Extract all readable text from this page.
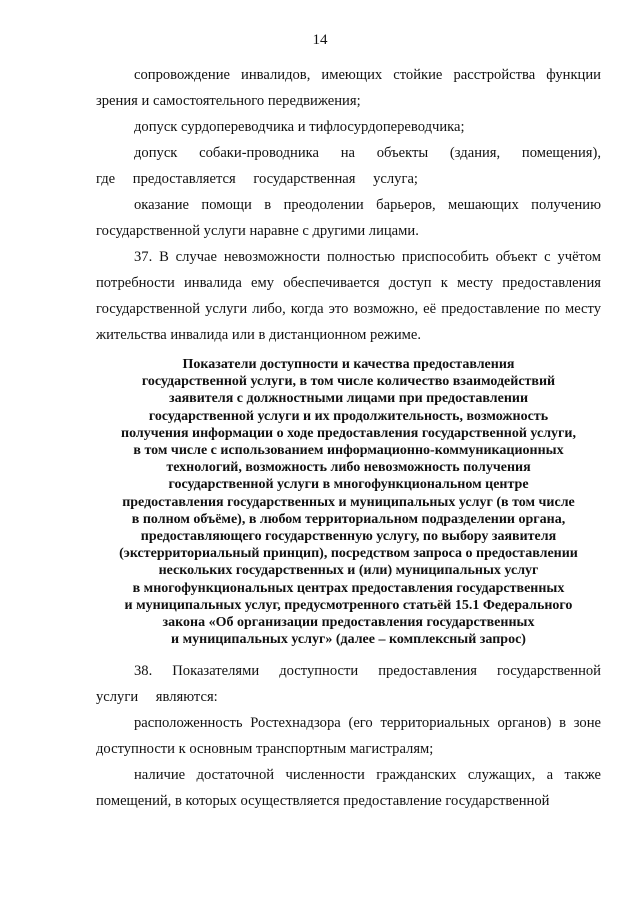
14

сопровождение инвалидов, имеющих стойкие расстройства функции зрения и самостоятельного передвижения;

допуск сурдопереводчика и тифлосурдопереводчика;

допуск собаки-проводника на объекты (здания, помещения), где предоставляется государственная услуга;

оказание помощи в преодолении барьеров, мешающих получению государственной услуги наравне с другими лицами.

37. В случае невозможности полностью приспособить объект с учётом потребности инвалида ему обеспечивается доступ к месту предоставления государственной услуги либо, когда это возможно, её предоставление по месту жительства инвалида или в дистанционном режиме.

Показатели доступности и качества предоставления
государственной услуги, в том числе количество взаимодействий
заявителя с должностными лицами при предоставлении
государственной услуги и их продолжительность, возможность
получения информации о ходе предоставления государственной услуги,
в том числе с использованием информационно-коммуникационных
технологий, возможность либо невозможность получения
государственной услуги в многофункциональном центре
предоставления государственных и муниципальных услуг (в том числе
в полном объёме), в любом территориальном подразделении органа,
предоставляющего государственную услугу, по выбору заявителя
(экстерриториальный принцип), посредством запроса о предоставлении
нескольких государственных и (или) муниципальных услуг
в многофункциональных центрах предоставления государственных
и муниципальных услуг, предусмотренного статьёй 15.1 Федерального
закона «Об организации предоставления государственных
и муниципальных услуг» (далее – комплексный запрос)

38. Показателями доступности предоставления государственной услуги являются:

расположенность Ростехнадзора (его территориальных органов) в зоне доступности к основным транспортным магистралям;

наличие достаточной численности гражданских служащих, а также помещений, в которых осуществляется предоставление государственной
